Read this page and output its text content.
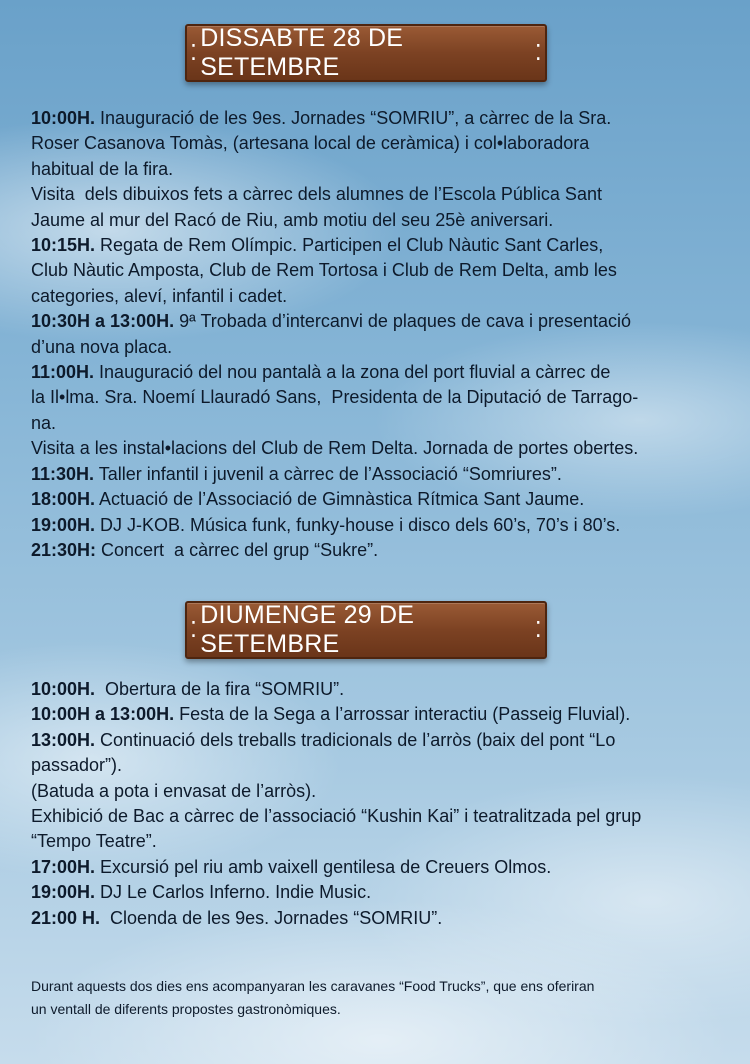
⁚
DISSABTE 28 DE SETEMBRE
⁚
10:00H. Inauguració de les 9es. Jornades “SOMRIU”, a càrrec de la Sra.
Roser Casanova Tomàs, (artesana local de ceràmica) i col•laboradora
habitual de la fira.
Visita  dels dibuixos fets a càrrec dels alumnes de l’Escola Pública Sant
Jaume al mur del Racó de Riu, amb motiu del seu 25è aniversari.
10:15H. Regata de Rem Olímpic. Participen el Club Nàutic Sant Carles,
Club Nàutic Amposta, Club de Rem Tortosa i Club de Rem Delta, amb les
categories, aleví, infantil i cadet.
10:30H a 13:00H. 9ª Trobada d’intercanvi de plaques de cava i presentació
d’una nova placa.
11:00H. Inauguració del nou pantalà a la zona del port fluvial a càrrec de
la Il•lma. Sra. Noemí Llauradó Sans,  Presidenta de la Diputació de Tarrago-
na.
Visita a les instal•lacions del Club de Rem Delta. Jornada de portes obertes.
11:30H. Taller infantil i juvenil a càrrec de l’Associació “Somriures”.
18:00H. Actuació de l’Associació de Gimnàstica Rítmica Sant Jaume.
19:00H. DJ J-KOB. Música funk, funky-house i disco dels 60’s, 70’s i 80’s.
21:30H: Concert  a càrrec del grup “Sukre”.
⁚
DIUMENGE 29 DE SETEMBRE
⁚
10:00H.  Obertura de la fira “SOMRIU”.
10:00H a 13:00H. Festa de la Sega a l’arrossar interactiu (Passeig Fluvial).
13:00H. Continuació dels treballs tradicionals de l’arròs (baix del pont “Lo
passador”).
(Batuda a pota i envasat de l’arròs).
Exhibició de Bac a càrrec de l’associació “Kushin Kai” i teatralitzada pel grup
“Tempo Teatre”.
17:00H. Excursió pel riu amb vaixell gentilesa de Creuers Olmos.
19:00H. DJ Le Carlos Inferno. Indie Music.
21:00 H.  Cloenda de les 9es. Jornades “SOMRIU”.
Durant aquests dos dies ens acompanyaran les caravanes “Food Trucks”, que ens oferiran
un ventall de diferents propostes gastronòmiques.
